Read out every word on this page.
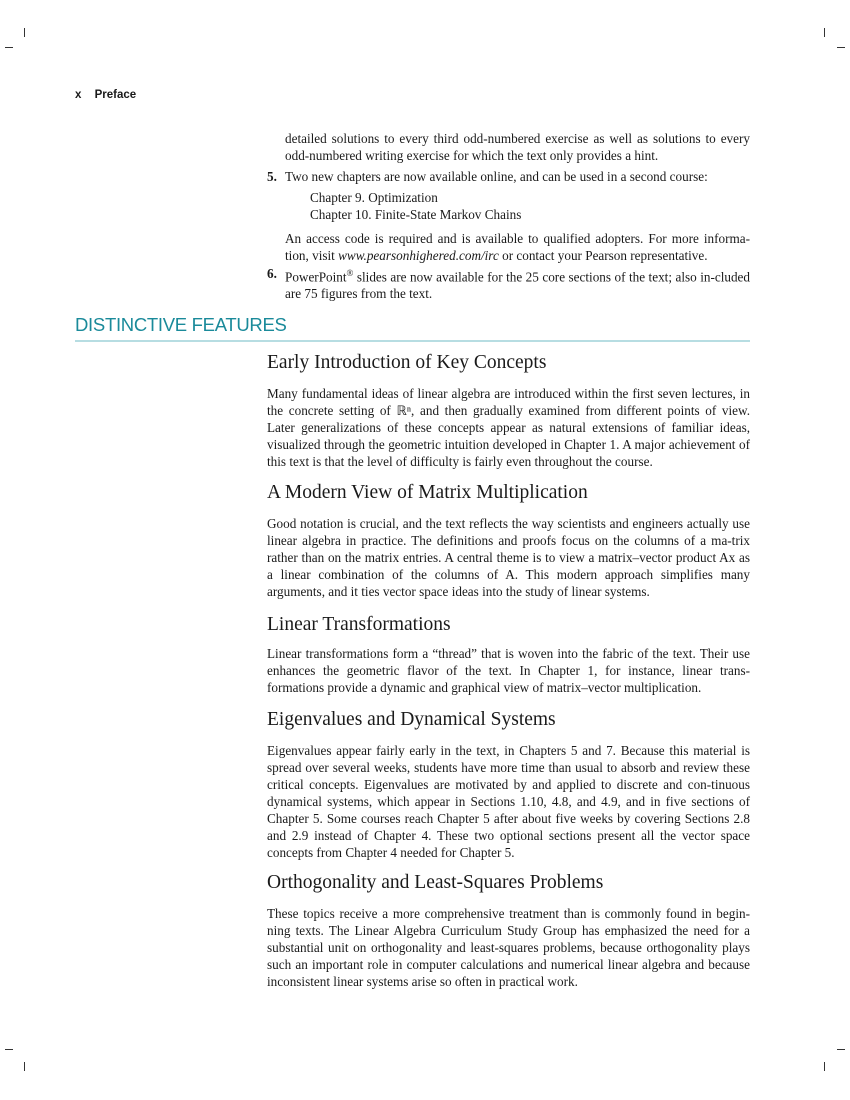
x Preface
detailed solutions to every third odd-numbered exercise as well as solutions to every odd-numbered writing exercise for which the text only provides a hint.
5. Two new chapters are now available online, and can be used in a second course:
Chapter 9. Optimization
Chapter 10. Finite-State Markov Chains
An access code is required and is available to qualified adopters. For more informa-tion, visit www.pearsonhighered.com/irc or contact your Pearson representative.
6. PowerPoint® slides are now available for the 25 core sections of the text; also in-cluded are 75 figures from the text.
DISTINCTIVE FEATURES
Early Introduction of Key Concepts
Many fundamental ideas of linear algebra are introduced within the first seven lectures, in the concrete setting of ℝⁿ, and then gradually examined from different points of view. Later generalizations of these concepts appear as natural extensions of familiar ideas, visualized through the geometric intuition developed in Chapter 1. A major achievement of this text is that the level of difficulty is fairly even throughout the course.
A Modern View of Matrix Multiplication
Good notation is crucial, and the text reflects the way scientists and engineers actually use linear algebra in practice. The definitions and proofs focus on the columns of a ma-trix rather than on the matrix entries. A central theme is to view a matrix–vector product Ax as a linear combination of the columns of A. This modern approach simplifies many arguments, and it ties vector space ideas into the study of linear systems.
Linear Transformations
Linear transformations form a “thread” that is woven into the fabric of the text. Their use enhances the geometric flavor of the text. In Chapter 1, for instance, linear trans-formations provide a dynamic and graphical view of matrix–vector multiplication.
Eigenvalues and Dynamical Systems
Eigenvalues appear fairly early in the text, in Chapters 5 and 7. Because this material is spread over several weeks, students have more time than usual to absorb and review these critical concepts. Eigenvalues are motivated by and applied to discrete and con-tinuous dynamical systems, which appear in Sections 1.10, 4.8, and 4.9, and in five sections of Chapter 5. Some courses reach Chapter 5 after about five weeks by covering Sections 2.8 and 2.9 instead of Chapter 4. These two optional sections present all the vector space concepts from Chapter 4 needed for Chapter 5.
Orthogonality and Least-Squares Problems
These topics receive a more comprehensive treatment than is commonly found in begin-ning texts. The Linear Algebra Curriculum Study Group has emphasized the need for a substantial unit on orthogonality and least-squares problems, because orthogonality plays such an important role in computer calculations and numerical linear algebra and because inconsistent linear systems arise so often in practical work.
